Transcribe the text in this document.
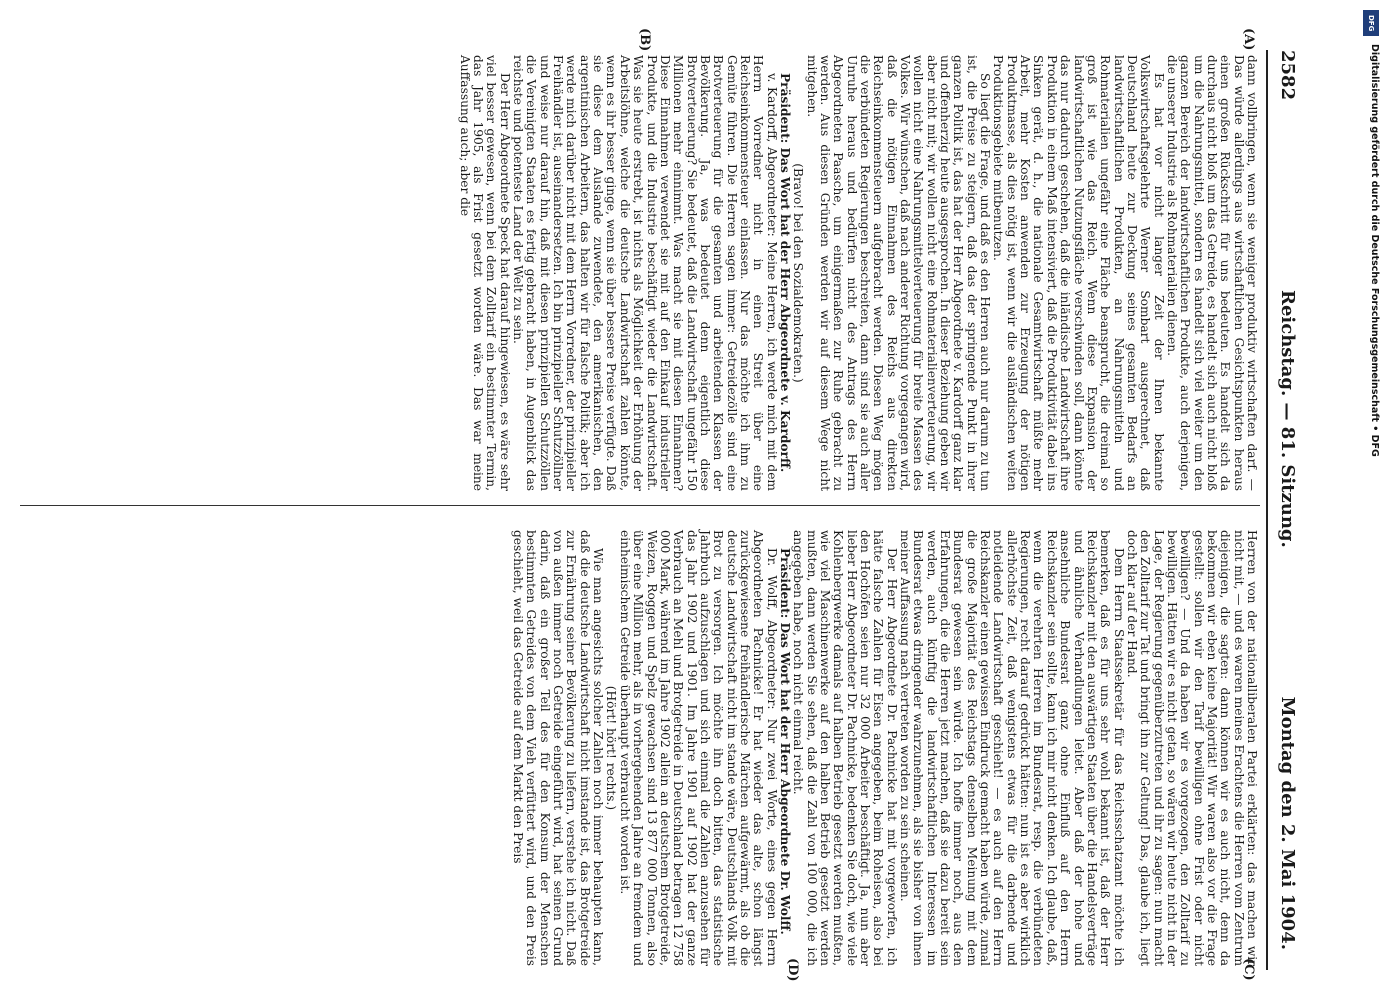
2582
Reichstag. — 81. Sitzung.
Montag den 2. Mai 1904.
(A)
(B)
(C)
(D)

dann vollbringen, wenn sie weniger produktiv wirtschaften darf. — Das würde allerdings aus wirtschaftlichen Gesichtspunkten heraus einen großen Rückschritt für uns bedeuten. Es handelt sich da durchaus nicht bloß um das Getreide, es handelt sich auch nicht bloß um die Nahrungsmittel, sondern es handelt sich viel weiter um den ganzen Bereich der landwirtschaftlichen Produkte, auch derjenigen, die unserer Industrie als Rohmaterialien dienen.

Es hat vor nicht langer Zeit der Ihnen bekannte Volkswirtschaftsgelehrte Werner Sombart ausgerechnet, daß Deutschland heute zur Deckung seines gesamten Bedarfs an landwirtschaftlichen Produkten, an Nahrungsmitteln und Rohmaterialien ungefähr eine Fläche beansprucht, die dreimal so groß ist wie das Reich. Wenn diese Expansion der landwirtschaftlichen Nutzungsfläche verschwinden soll, dann könnte das nur dadurch geschehen, daß die inländische Landwirtschaft ihre Produktion in einem Maß intensiviert, daß die Produktivität dabei ins Sinken gerät, d. h., die nationale Gesamtwirtschaft müßte mehr Arbeit, mehr Kosten anwenden zur Erzeugung der nötigen Produktmasse, als dies nötig ist, wenn wir die ausländischen weiten Produktionsgebiete mitbenutzen.

So liegt die Frage, und daß es den Herren auch nur darum zu tun ist, die Preise zu steigern, daß das der springende Punkt in ihrer ganzen Politik ist, das hat der Herr Abgeordnete v. Kardorff ganz klar und offenherzig heute ausgesprochen. In dieser Beziehung geben wir aber nicht mit; wir wollen nicht eine Rohmaterialienverteuerung, wir wollen nicht eine Nahrungsmittelverteuerung für breite Massen des Volkes. Wir wünschen, daß nach anderer Richtung vorgegangen wird, daß die nötigen Einnahmen des Reichs aus direkten Reichseinkommensteuern aufgebracht werden. Diesen Weg mögen die verbündeten Regierungen beschreiten, dann sind sie auch aller Unruhe heraus und bedürfen nicht des Antrags des Herrn Abgeordneten Paasche, um einigermaßen zur Ruhe gebracht zu werden. Aus diesen Gründen werden wir auf diesem Wege nicht mitgehen.

(Bravo! bei den Sozialdemokraten.)

Präsident: Das Wort hat der Herr Abgeordnete v. Kardorff.

v. Kardorff, Abgeordneter: Meine Herren, ich werde mich mit dem Herrn Vorredner nicht in einen Streit über eine Reichseinkommensteuer einlassen. Nur das möchte ich ihm zu Gemüte führen. Die Herren sagen immer: Getreidezölle sind eine Brotverteuerung für die gesamten und arbeitenden Klassen der Bevölkerung. Ja, was bedeutet denn eigentlich diese Brotverteuerung? Sie bedeutet, daß die Landwirtschaft ungefähr 150 Millionen mehr einnimmt. Was macht sie mit diesen Einnahmen? Diese Einnahmen verwendet sie mit auf den Einkauf industrieller Produkte, und die Industrie beschäftigt wieder die Landwirtschaft. Was sie heute erstrebt, ist nichts als Möglichkeit der Erhöhung der Arbeitslöhne, welche die deutsche Landwirtschaft zahlen könnte, wenn es ihr besser ginge, wenn sie über bessere Preise verfügte. Daß sie diese dem Auslande zuwendete, den amerikanischen, den argentinischen Arbeitern, das halten wir für falsche Politik; aber ich werde mich darüber nicht mit dem Herrn Vorredner, der prinzipieller Freihändler ist, auseinandersetzen. Ich bin prinzipieller Schutzzöllner und weise nur darauf hin, daß mit diesen prinzipiellen Schutzzöllen die Vereinigten Staaten es fertig gebracht haben, in Augenblick das reichste und potenteste Land der Welt zu sein.

Der Herr Abgeordnete Speck hat darauf hingewiesen, es wäre sehr viel besser gewesen, wenn bei dem Zolltarif ein bestimmter Termin, das Jahr 1905, als Frist gesetzt worden wäre. Das war meine Auffassung auch; aber die

Herren von der nationalliberalen Partei erklärten: das machen wir nicht mit, — und es waren meines Erachtens die Herren vom Zentrum diejenigen, die sagten: dann können wir es auch nicht, denn da bekommen wir eben keine Majorität! Wir waren also vor die Frage gestellt: sollen wir den Tarif bewilligen ohne Frist oder nicht bewilligen? — Und da haben wir es vorgezogen, den Zolltarif zu bewilligen. Hätten wir es nicht getan, so wären wir heute nicht in der Lage, der Regierung gegenüberzutreten und ihr zu sagen: nun macht den Zolltarif zur Tat und bringt ihn zur Geltung! Das, glaube ich, liegt doch klar auf der Hand.

Dem Herrn Staatssekretär für das Reichsschatzamt möchte ich bemerken, daß es für uns sehr wohl bekannt ist, daß der Herr Reichskanzler mit den auswärtigen Staaten über die Handelsverträge und ähnliche Verhandlungen leitet. Aber daß der hohe und ansehnliche Bundesrat ganz ohne Einfluß auf den Herrn Reichskanzler sein sollte, kann ich mir nicht denken. Ich glaube, daß, wenn die verehrten Herren im Bundesrat, resp. die verbündeten Regierungen, recht darauf gedrückt hätten: nun ist es aber wirklich allerhöchste Zeit, daß wenigstens etwas für die darbende und notleidende Landwirtschaft geschieht! — es auch auf den Herrn Reichskanzler einen gewissen Eindruck gemacht haben würde, zumal die große Majorität des Reichstags denselben Meinung mit dem Bundesrat gewesen sein würde. Ich hoffe immer noch, aus den Erfahrungen, die die Herren jetzt machen, daß sie dazu bereit sein werden, auch künftig die landwirtschaftlichen Interessen im Bundesrat etwas dringender wahrzunehmen, als sie bisher von ihnen meiner Auffassung nach vertreten worden zu sein scheinen.

Der Herr Abgeordnete Dr. Pachnicke hat mit vorgeworfen, ich hätte falsche Zahlen für Eisen angegeben, beim Roheisen, also bei den Hochöfen seien nur 32 000 Arbeiter beschäftigt. Ja, nun aber lieber Herr Abgeordneter Dr. Pachnicke, bedenken Sie doch, wie viele Kohlenbergwerke damals auf halben Betrieb gesetzt werden mußten, wie viel Maschinenwerke auf den halben Betrieb gesetzt werden mußten, dann werden Sie sehen, daß die Zahl von 100 000, die ich angegeben habe, noch nicht einmal reicht.

Präsident: Das Wort hat der Herr Abgeordnete Dr. Wolff.

Dr. Wolff, Abgeordneter: Nur zwei Worte, eines gegen Herrn Abgeordneten Pachnicke! Er hat wieder das alte, schon längst zurückgewiesene freihändlerische Märchen aufgewärmt, als ob die deutsche Landwirtschaft nicht im stande wäre, Deutschlands Volk mit Brot zu versorgen. Ich möchte ihn doch bitten, das statistische Jahrbuch aufzuschlagen und sich einmal die Zahlen anzusehen für das Jahr 1902 und 1901. Im Jahre 1901 auf 1902 hat der ganze Verbrauch an Mehl und Brotgetreide in Deutschland betragen 12 758 000 Mark, während im Jahre 1902 allein an deutschem Brotgetreide, Weizen, Roggen und Spelz gewachsen sind 13 877 000 Tonnen, also über eine Million mehr, als in vorhergehenden Jahre an fremdem und einheimischem Getreide überhaupt verbraucht worden ist.

(Hört! hört! rechts.)

Wie man angesichts solcher Zahlen noch immer behaupten kann, daß die deutsche Landwirtschaft nicht imstande ist, das Brotgetreide zur Ernährung seiner Bevölkerung zu liefern, verstehe ich nicht. Daß von außen immer noch Getreide eingeführt wird, hat seinen Grund darin, daß ein großer Teil des für den Konsum der Menschen bestimmten Getreides von dem Vieh verfüttert wird, und den Preis geschieht, weil das Getreide auf dem Markt den Preis

DFG
Digitalisierung gefördert durch die Deutsche Forschungsgemeinschaft • DFG
